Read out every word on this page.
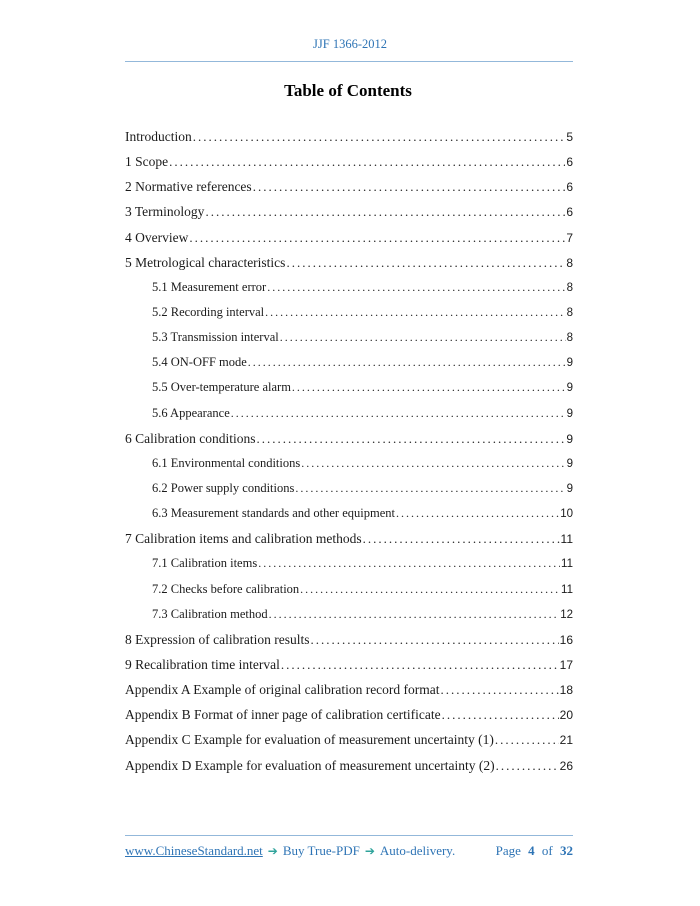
JJF 1366-2012
Table of Contents
Introduction .....	5
1 Scope .....	6
2 Normative references .....	6
3 Terminology .....	6
4 Overview .....	7
5 Metrological characteristics .....	8
5.1 Measurement error .....	8
5.2 Recording interval .....	8
5.3 Transmission interval .....	8
5.4 ON-OFF mode .....	9
5.5 Over-temperature alarm .....	9
5.6 Appearance .....	9
6 Calibration conditions .....	9
6.1 Environmental conditions .....	9
6.2 Power supply conditions .....	9
6.3 Measurement standards and other equipment .....	10
7 Calibration items and calibration methods .....	11
7.1 Calibration items .....	11
7.2 Checks before calibration .....	11
7.3 Calibration method .....	12
8 Expression of calibration results .....	16
9 Recalibration time interval .....	17
Appendix A Example of original calibration record format .....	18
Appendix B Format of inner page of calibration certificate .....	20
Appendix C Example for evaluation of measurement uncertainty (1) .....	21
Appendix D Example for evaluation of measurement uncertainty (2) .....	26
www.ChineseStandard.net ➔ Buy True-PDF ➔ Auto-delivery.	Page 4 of 32
